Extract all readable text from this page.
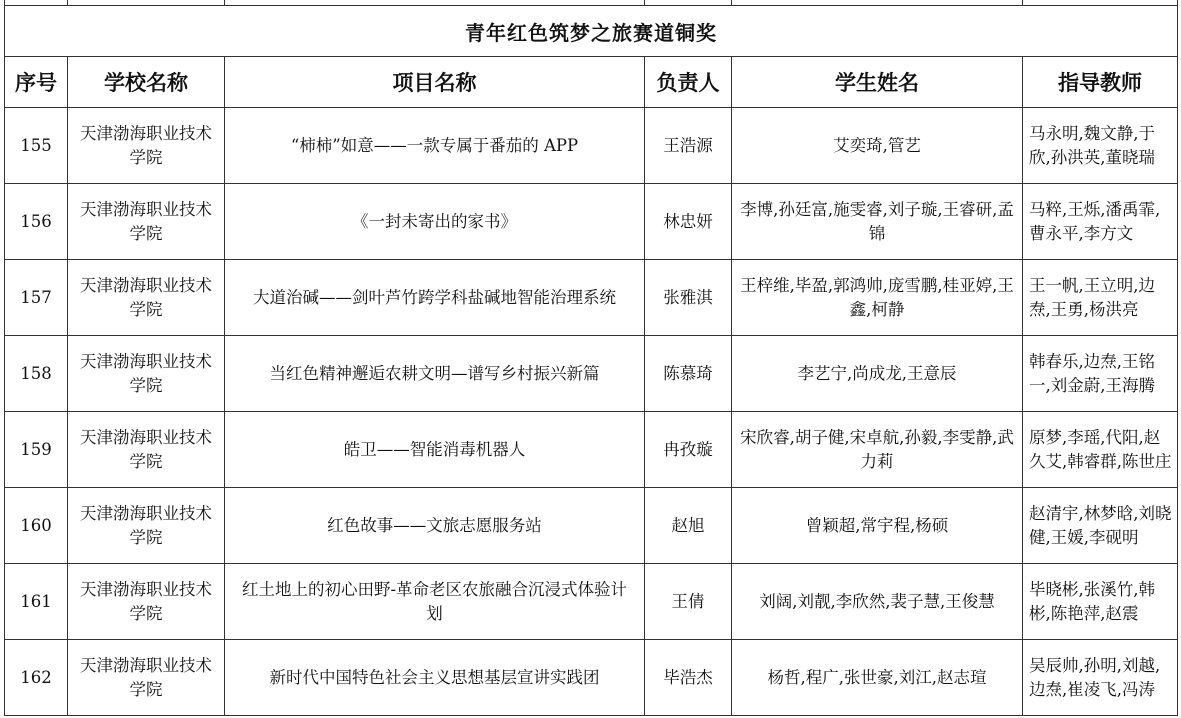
青年红色筑梦之旅赛道铜奖					
序号	学校名称	项目名称	负责人	学生姓名	指导教师
155	天津渤海职业技术学院	“柿柿”如意——一款专属于番茄的 APP	王浩源	艾奕琦,管艺	马永明,魏文静,于欣,孙洪英,董晓瑞
156	天津渤海职业技术学院	《一封未寄出的家书》	林忠妍	李博,孙廷富,施雯睿,刘子璇,王睿研,孟锦	马粹,王烁,潘禹霏,曹永平,李方文
157	天津渤海职业技术学院	大道治碱——剑叶芦竹跨学科盐碱地智能治理系统	张雅淇	王梓维,毕盈,郭鸿帅,庞雪鹏,桂亚婷,王鑫,柯静	王一帆,王立明,边焘,王勇,杨洪亮
158	天津渤海职业技术学院	当红色精神邂逅农耕文明—谱写乡村振兴新篇	陈慕琦	李艺宁,尚成龙,王意辰	韩春乐,边焘,王铭一,刘金蔚,王海腾
159	天津渤海职业技术学院	皓卫——智能消毒机器人	冉孜璇	宋欣睿,胡子健,宋卓航,孙毅,李雯静,武力莉	原梦,李瑶,代阳,赵久艾,韩睿群,陈世庄
160	天津渤海职业技术学院	红色故事——文旅志愿服务站	赵旭	曾颖超,常宇程,杨硕	赵清宇,林梦晗,刘晓健,王媛,李砚明
161	天津渤海职业技术学院	红土地上的初心田野-革命老区农旅融合沉浸式体验计划	王倩	刘阔,刘靓,李欣然,裴子慧,王俊慧	毕晓彬,张溪竹,韩彬,陈艳萍,赵震
162	天津渤海职业技术学院	新时代中国特色社会主义思想基层宣讲实践团	毕浩杰	杨哲,程广,张世豪,刘江,赵志瑄	吴辰帅,孙明,刘越,边焘,崔凌飞,冯涛
